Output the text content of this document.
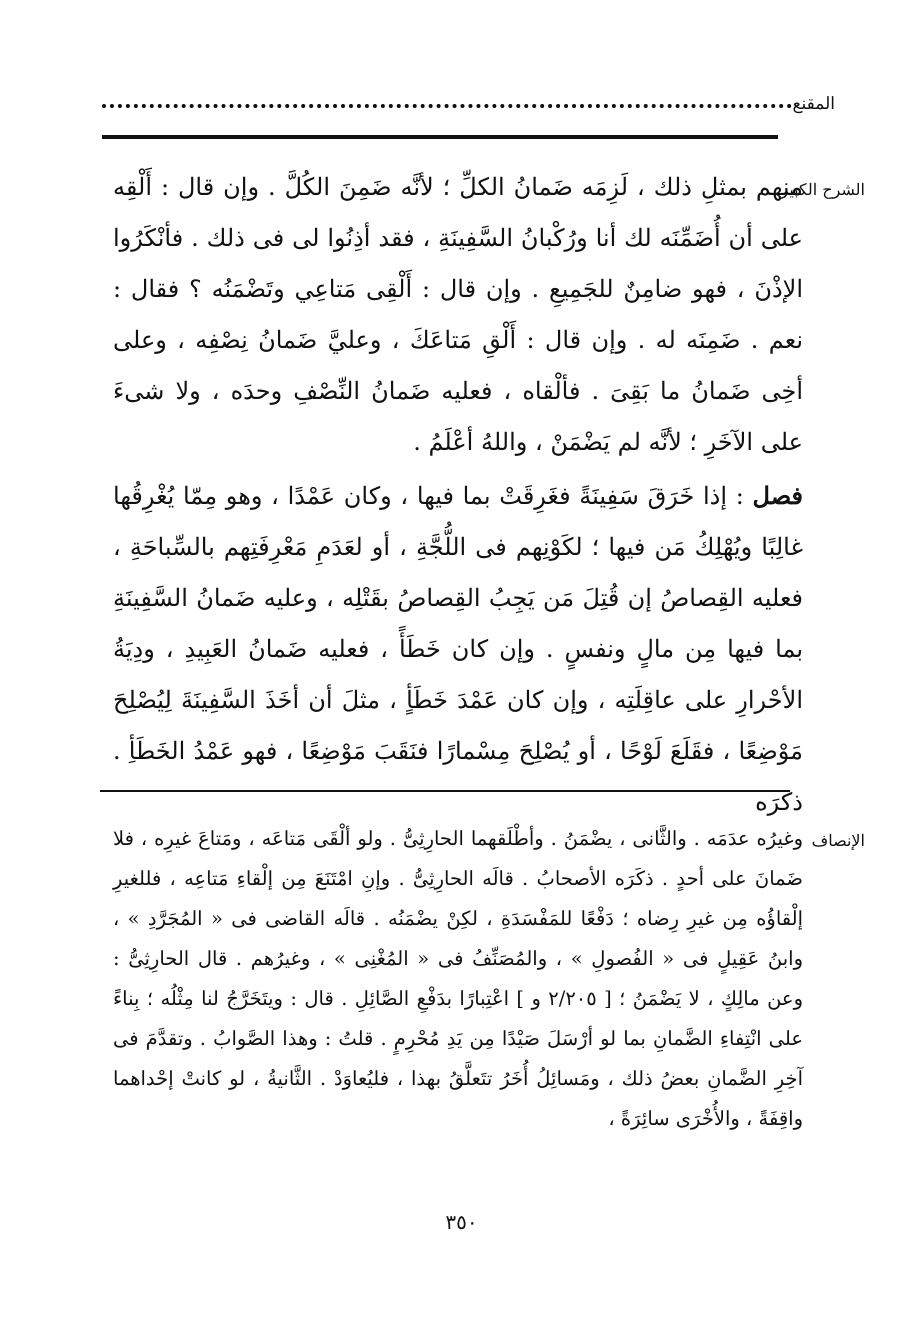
المقنع
الشرح الكبير

منهم بمثلِ ذلك ، لَزِمَه ضَمانُ الكلِّ ؛ لأنَّه ضَمِنَ الكُلَّ . وإن قال : أَلْقِه على أن أُضَمِّنَه لك أنا ورُكْبانُ السَّفِينَةِ ، فقد أذِنُوا لى فى ذلك . فأنْكَرُوا الإذْنَ ، فهو ضامِنٌ للجَمِيعِ . وإن قال : أَلْقِى مَتاعِي وتَضْمَنُه ؟ فقال : نعم . ضَمِنَه له . وإن قال : أَلْقِ مَتاعَكَ ، وعليَّ ضَمانُ نِصْفِه ، وعلى أخِى ضَمانُ ما بَقِىَ . فألْقاه ، فعليه ضَمانُ النِّصْفِ وحدَه ، ولا شىءَ على الآخَرِ ؛ لأنَّه لم يَضْمَنْ ، واللهُ أعْلَمُ .

فصل : إذا خَرَقَ سَفِينَةً فغَرِقَتْ بما فيها ، وكان عَمْدًا ، وهو مِمّا يُغْرِقُها غالِبًا ويُهْلِكُ مَن فيها ؛ لكَوْنِهم فى اللُّجَّةِ ، أو لعَدَمِ مَعْرِفَتِهم بالسِّباحَةِ ، فعليه القِصاصُ إن قُتِلَ مَن يَجِبُ القِصاصُ بقَتْلِه ، وعليه ضَمانُ السَّفِينَةِ بما فيها مِن مالٍ ونفسٍ . وإن كان خَطَأً ، فعليه ضَمانُ العَبِيدِ ، ودِيَةُ الأحْرارِ على عاقِلَتِه ، وإن كان عَمْدَ خَطَأٍ ، مثلَ أن أخَذَ السَّفِينَةَ لِيُصْلِحَ مَوْضِعًا ، فقَلَعَ لَوْحًا ، أو يُصْلِحَ مِسْمارًا فنَقَبَ مَوْضِعًا ، فهو عَمْدُ الخَطَأِ . ذكرَه

الإنصاف

وغيرُه عدَمَه . والثَّانى ، يضْمَنُ . وأطْلَقهما الحارِثِىُّ . ولو ألْقَى مَتاعَه ، ومَتاعَ غيرِه ، فلا ضَمانَ على أحدٍ . ذكَرَه الأصحابُ . قالَه الحارِثِىُّ . وإنِ امْتَنَعَ مِن إلْقاءِ مَتاعِه ، فللغيرِ إلْقاؤُه مِن غيرِ رِضاه ؛ دَفْعًا للمَفْسَدَةِ ، لكِنْ يضْمَنُه . قالَه القاضى فى « المُجَرَّدِ » ، وابنُ عَقِيلٍ فى « الفُصولِ » ، والمُصَنِّفُ فى « المُغْنِى » ، وغيرُهم . قال الحارِثِىُّ : وعن مالِكٍ ، لا يَضْمَنُ ؛ [ ٢/٢٠٥ و ] اعْتِبارًا بدَفْعِ الصَّائِلِ . قال : ويتَخَرَّجُ لنا مِثْلُه ؛ بِناءً على انْتِفاءِ الضَّمانِ بما لو أرْسَلَ صَيْدًا مِن يَدِ مُحْرِمٍ . قلتُ : وهذا الصَّوابُ . وتقدَّمَ فى آخِرِ الضَّمانِ بعضُ ذلك ، ومَسائِلُ أُخَرُ تتَعلَّقُ بهذا ، فليُعاوَدْ . الثَّانيةُ ، لو كانتْ إحْداهما واقِفَةً ، والأُخْرَى سائِرَةً ،

٣٥٠
